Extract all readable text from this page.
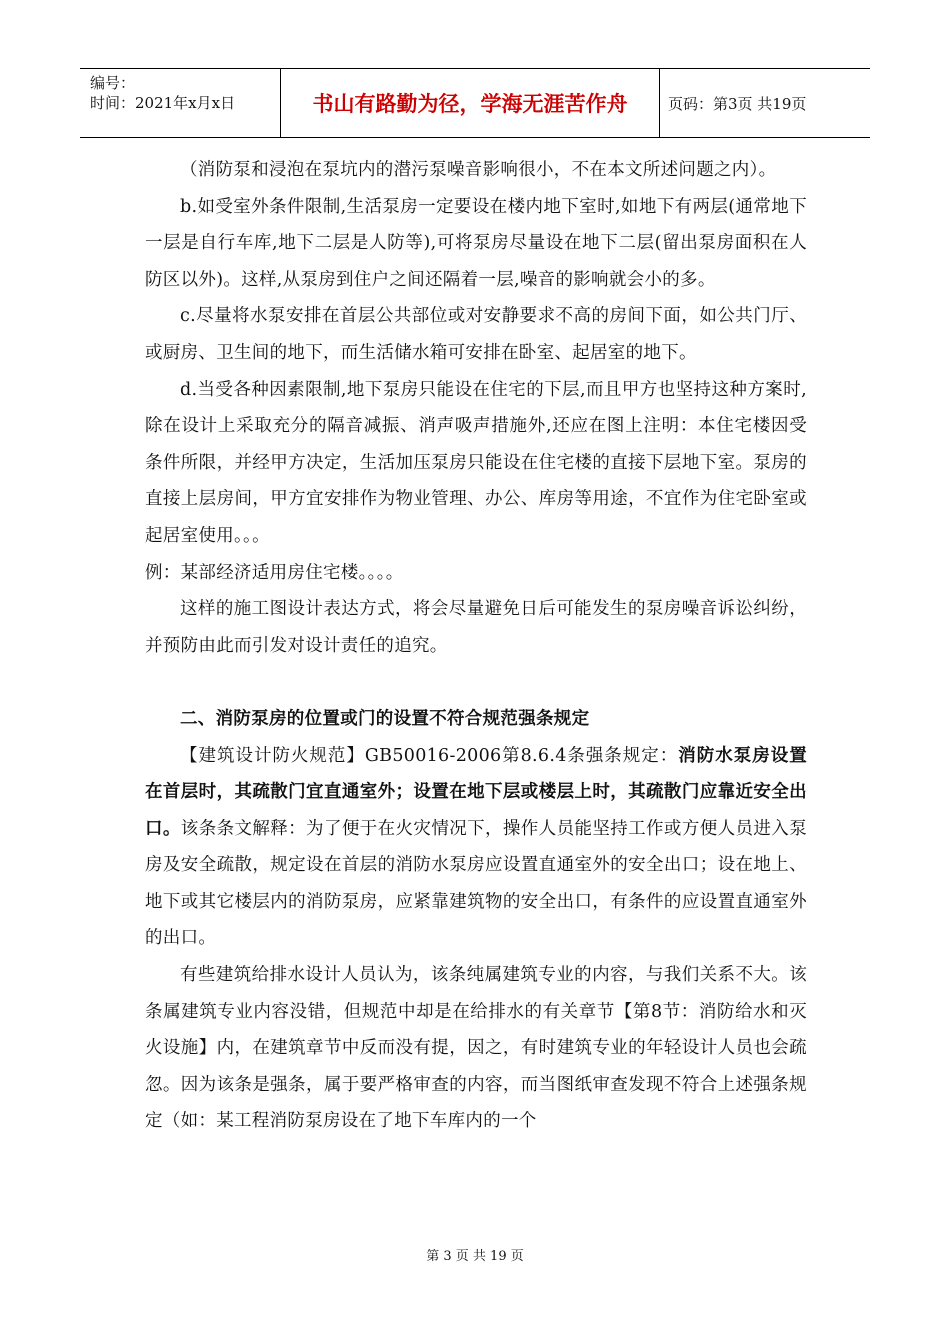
编号：
时间：2021年x月x日	书山有路勤为径，学海无涯苦作舟	页码：第3页 共19页

（消防泵和浸泡在泵坑内的潜污泵噪音影响很小，不在本文所述问题之内）。

b.如受室外条件限制,生活泵房一定要设在楼内地下室时,如地下有两层(通常地下一层是自行车库,地下二层是人防等),可将泵房尽量设在地下二层(留出泵房面积在人防区以外)。这样,从泵房到住户之间还隔着一层,噪音的影响就会小的多。

c.尽量将水泵安排在首层公共部位或对安静要求不高的房间下面，如公共门厅、或厨房、卫生间的地下，而生活储水箱可安排在卧室、起居室的地下。

d.当受各种因素限制,地下泵房只能设在住宅的下层,而且甲方也坚持这种方案时,除在设计上采取充分的隔音减振、消声吸声措施外,还应在图上注明：本住宅楼因受条件所限，并经甲方决定，生活加压泵房只能设在住宅楼的直接下层地下室。泵房的直接上层房间，甲方宜安排作为物业管理、办公、库房等用途，不宜作为住宅卧室或起居室使用。。。

例：某部经济适用房住宅楼。。。。

这样的施工图设计表达方式，将会尽量避免日后可能发生的泵房噪音诉讼纠纷，并预防由此而引发对设计责任的追究。

二、消防泵房的位置或门的设置不符合规范强条规定

【建筑设计防火规范】GB50016-2006第8.6.4条强条规定：消防水泵房设置在首层时，其疏散门宜直通室外；设置在地下层或楼层上时，其疏散门应靠近安全出口。该条条文解释：为了便于在火灾情况下，操作人员能坚持工作或方便人员进入泵房及安全疏散，规定设在首层的消防水泵房应设置直通室外的安全出口；设在地上、地下或其它楼层内的消防泵房，应紧靠建筑物的安全出口，有条件的应设置直通室外的出口。

有些建筑给排水设计人员认为，该条纯属建筑专业的内容，与我们关系不大。该条属建筑专业内容没错，但规范中却是在给排水的有关章节【第8节：消防给水和灭火设施】内，在建筑章节中反而没有提，因之，有时建筑专业的年轻设计人员也会疏忽。因为该条是强条，属于要严格审查的内容，而当图纸审查发现不符合上述强条规定（如：某工程消防泵房设在了地下车库内的一个

第 3 页 共 19 页
